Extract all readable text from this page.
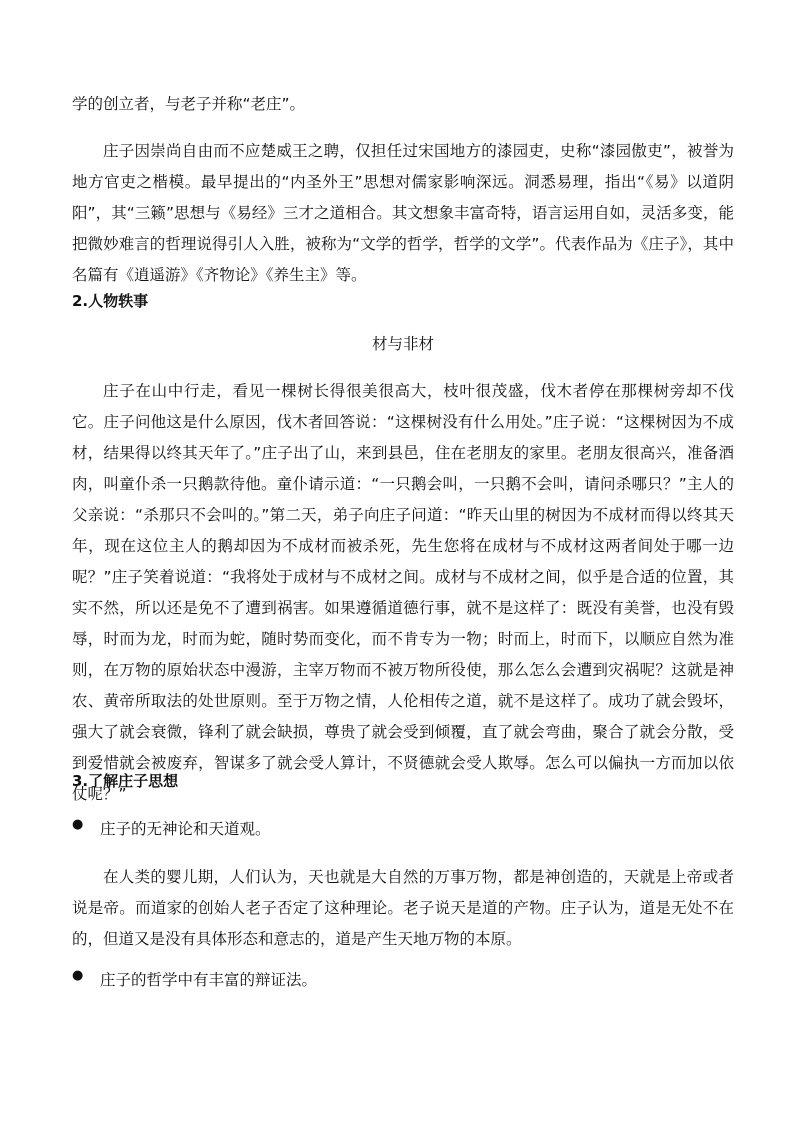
学的创立者，与老子并称“老庄”。

庄子因崇尚自由而不应楚威王之聘，仅担任过宋国地方的漆园吏，史称“漆园傲吏”，被誉为地方官吏之楷模。最早提出的“内圣外王”思想对儒家影响深远。洞悉易理，指出“《易》以道阴阳”，其“三籁”思想与《易经》三才之道相合。其文想象丰富奇特，语言运用自如，灵活多变，能把微妙难言的哲理说得引人入胜，被称为“文学的哲学，哲学的文学”。代表作品为《庄子》，其中名篇有《逍遥游》《齐物论》《养生主》等。

2.人物轶事

材与非材

庄子在山中行走，看见一棵树长得很美很高大，枝叶很茂盛，伐木者停在那棵树旁却不伐它。庄子问他这是什么原因，伐木者回答说：“这棵树没有什么用处。”庄子说：“这棵树因为不成材，结果得以终其天年了。”庄子出了山，来到县邑，住在老朋友的家里。老朋友很高兴，准备酒肉，叫童仆杀一只鹅款待他。童仆请示道：“一只鹅会叫，一只鹅不会叫，请问杀哪只？”主人的父亲说：“杀那只不会叫的。”第二天，弟子向庄子问道：“昨天山里的树因为不成材而得以终其天年，现在这位主人的鹅却因为不成材而被杀死，先生您将在成材与不成材这两者间处于哪一边呢？”庄子笑着说道：“我将处于成材与不成材之间。成材与不成材之间，似乎是合适的位置，其实不然，所以还是免不了遭到祸害。如果遵循道德行事，就不是这样了：既没有美誉，也没有毁辱，时而为龙，时而为蛇，随时势而变化，而不肯专为一物；时而上，时而下，以顺应自然为准则，在万物的原始状态中漫游，主宰万物而不被万物所役使，那么怎么会遭到灾祸呢？这就是神农、黄帝所取法的处世原则。至于万物之情，人伦相传之道，就不是这样了。成功了就会毁坏，强大了就会衰微，锋利了就会缺损，尊贵了就会受到倾覆，直了就会弯曲，聚合了就会分散，受到爱惜就会被废弃，智谋多了就会受人算计，不贤德就会受人欺辱。怎么可以偏执一方而加以依仗呢？”

3.了解庄子思想
● 庄子的无神论和天道观。

在人类的婴儿期，人们认为，天也就是大自然的万事万物，都是神创造的，天就是上帝或者说是帝。而道家的创始人老子否定了这种理论。老子说天是道的产物。庄子认为，道是无处不在的，但道又是没有具体形态和意志的，道是产生天地万物的本原。

● 庄子的哲学中有丰富的辩证法。
